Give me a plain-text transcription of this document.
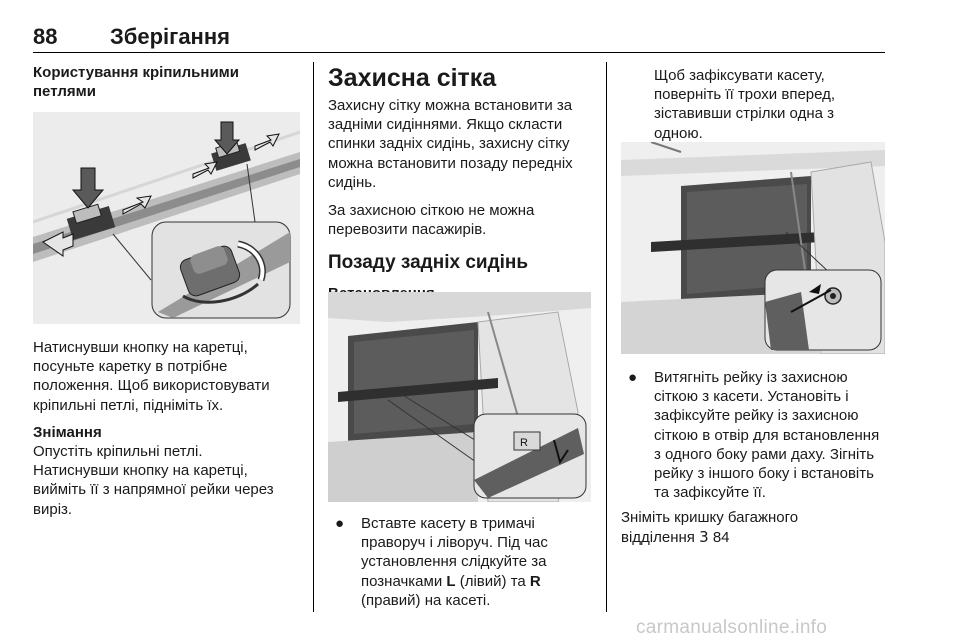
88 Зберігання

Користування кріпильними петлями

Натиснувши кнопку на каретці, посуньте каретку в потрібне положення. Щоб використовувати кріпильні петлі, підніміть їх.

Знімання

Опустіть кріпильні петлі.

Натиснувши кнопку на каретці, вийміть її з напрямної рейки через виріз.

Захисна сітка

Захисну сітку можна встановити за задніми сидіннями. Якщо скласти спинки задніх сидінь, захисну сітку можна встановити позаду передніх сидінь.

За захисною сіткою не можна перевозити пасажирів.

Позаду задніх сидінь

R
● Вставте касету в тримачі праворуч і ліворуч. Під час установлення слідкуйте за позначками L (лівий) та R (правий) на касеті.

Щоб зафіксувати касету, поверніть її трохи вперед, зіставивши стрілки одна з одною.

● Витягніть рейку із захисною сіткою з касети. Установіть і зафіксуйте рейку із захисною сіткою в отвір для встановлення з одного боку рами даху. Зігніть рейку з іншого боку і встановіть та зафіксуйте її.

Зніміть кришку багажного відділення 3 84

carmanualsonline.info
